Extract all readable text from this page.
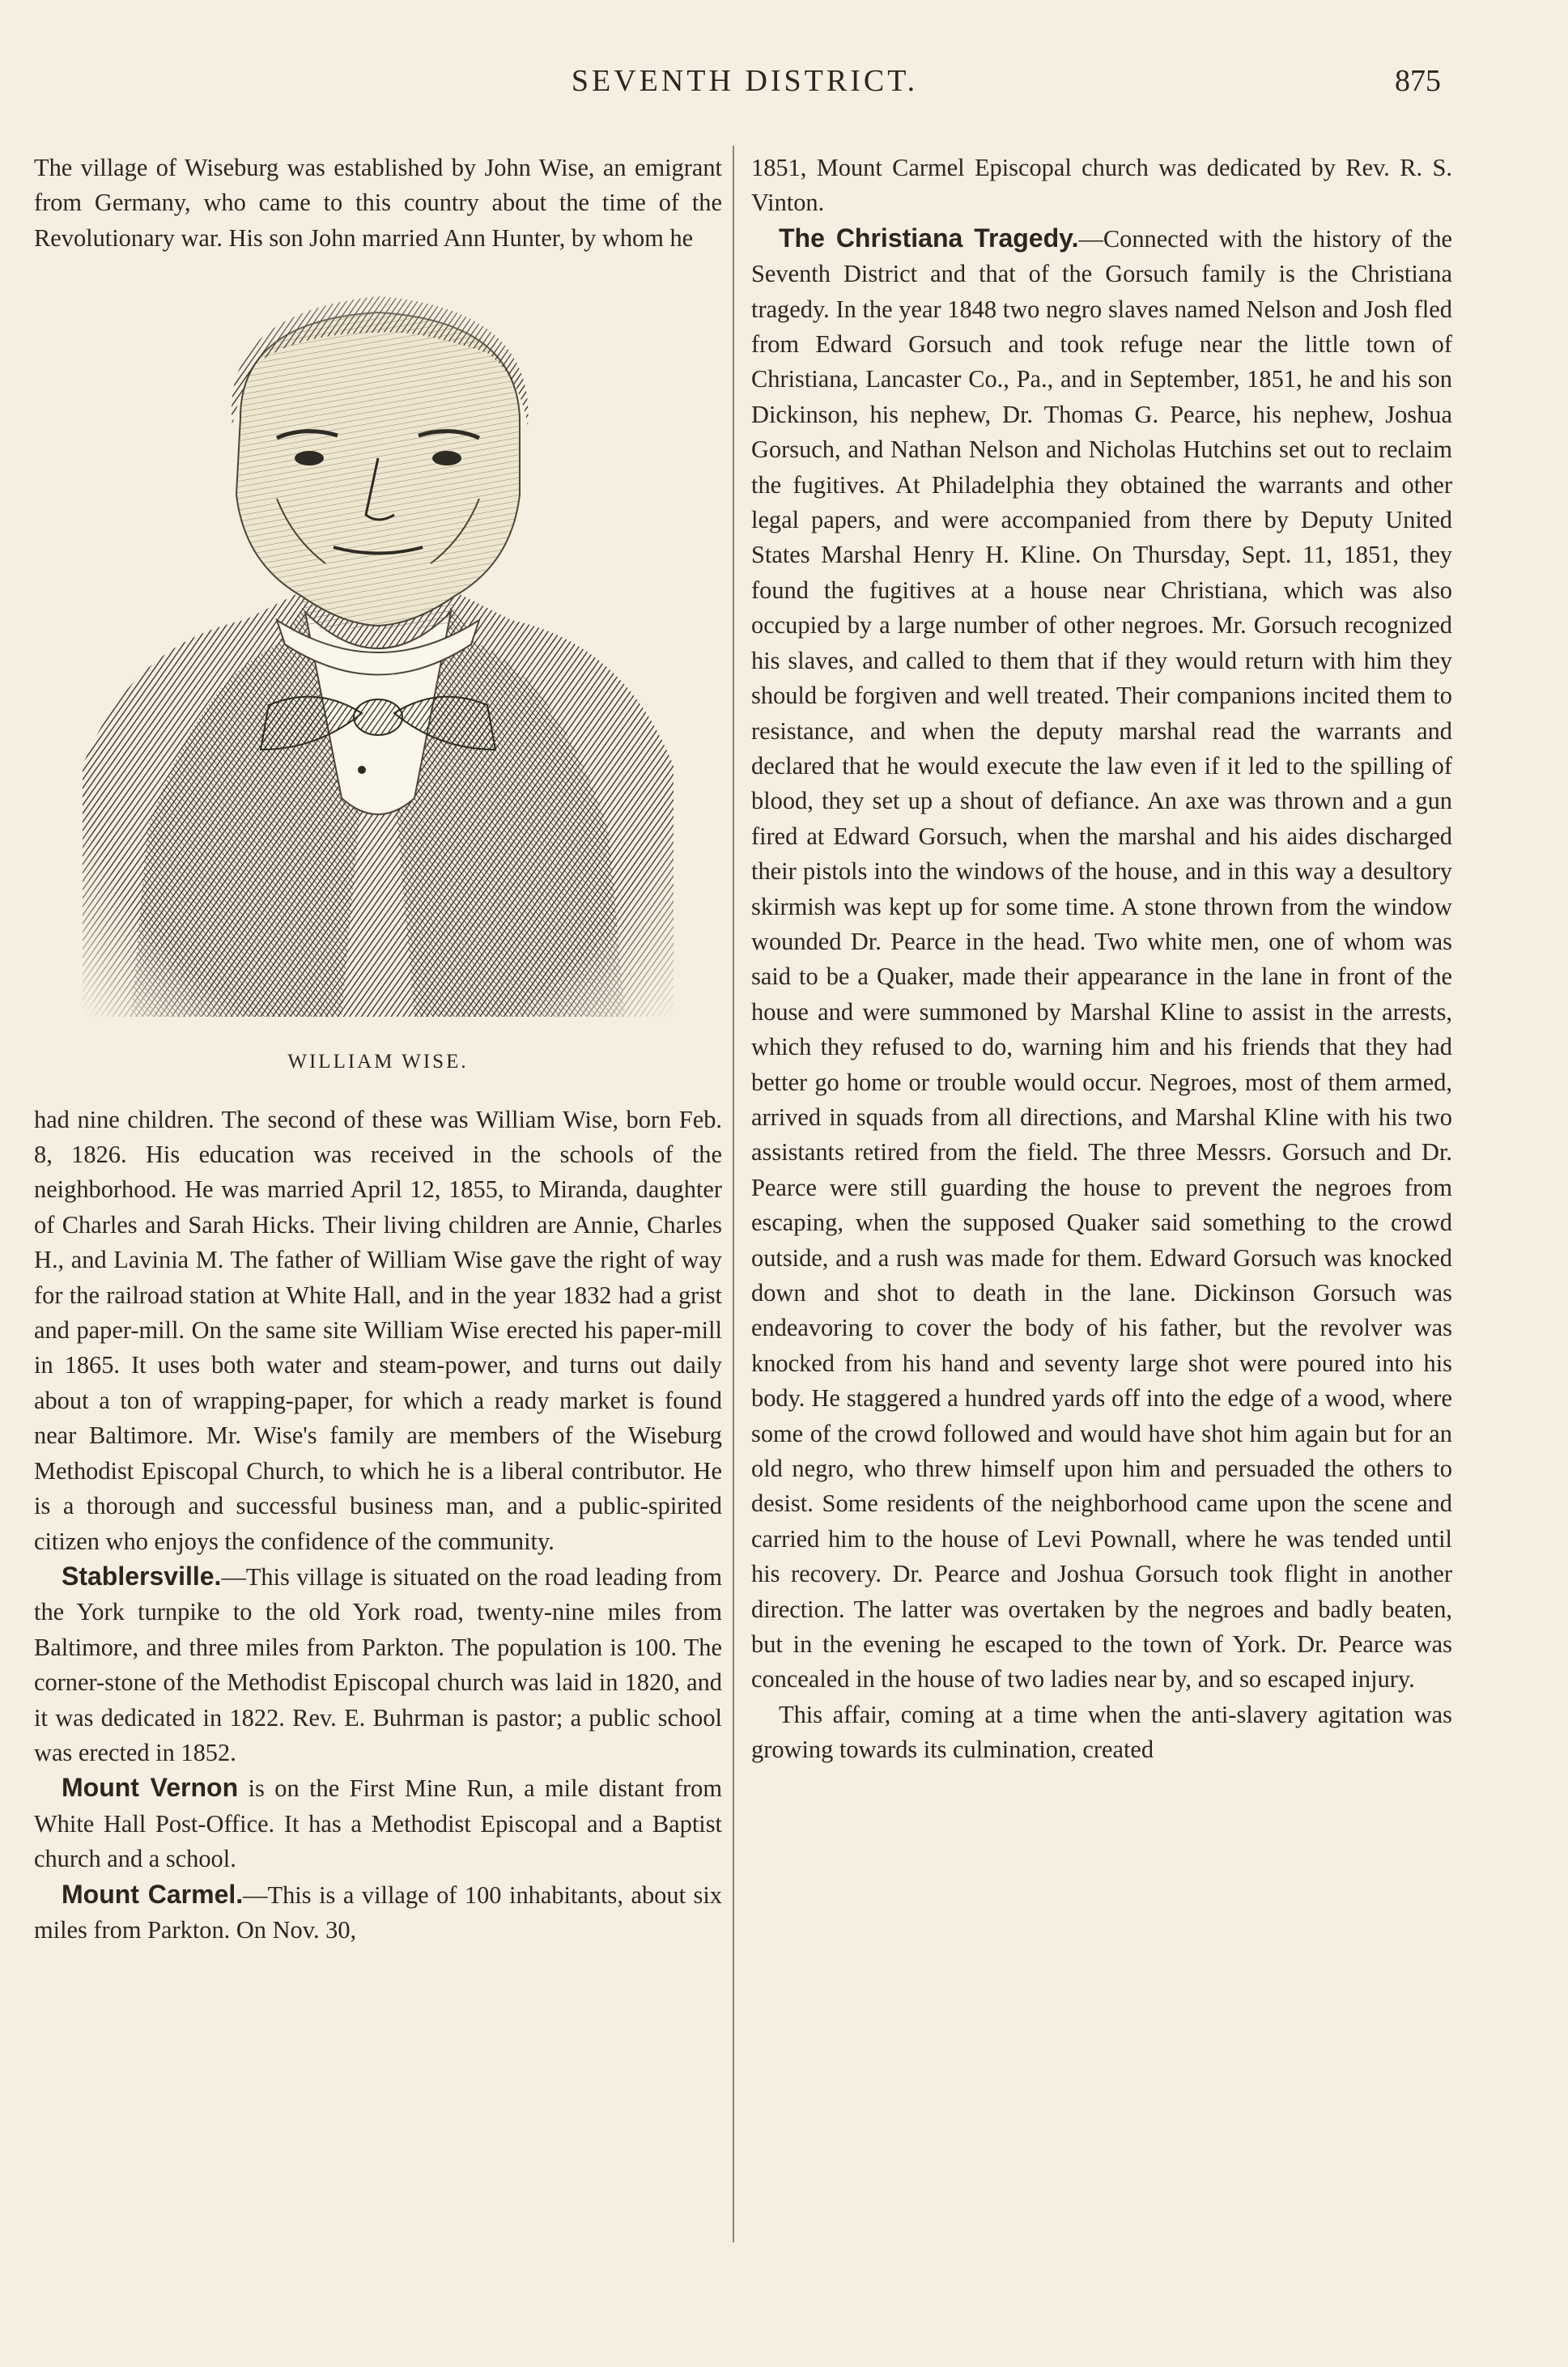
SEVENTH DISTRICT.	875

The village of Wiseburg was established by John Wise, an emigrant from Germany, who came to this country about the time of the Revolutionary war. His son John married Ann Hunter, by whom he

WILLIAM WISE.

had nine children. The second of these was William Wise, born Feb. 8, 1826. His education was received in the schools of the neighborhood. He was married April 12, 1855, to Miranda, daughter of Charles and Sarah Hicks. Their living children are Annie, Charles H., and Lavinia M. The father of William Wise gave the right of way for the railroad station at White Hall, and in the year 1832 had a grist and paper-mill. On the same site William Wise erected his paper-mill in 1865. It uses both water and steam-power, and turns out daily about a ton of wrapping-paper, for which a ready market is found near Baltimore. Mr. Wise's family are members of the Wiseburg Methodist Episcopal Church, to which he is a liberal contributor. He is a thorough and successful business man, and a public-spirited citizen who enjoys the confidence of the community.

Stablersville.—This village is situated on the road leading from the York turnpike to the old York road, twenty-nine miles from Baltimore, and three miles from Parkton. The population is 100. The corner-stone of the Methodist Episcopal church was laid in 1820, and it was dedicated in 1822. Rev. E. Buhrman is pastor; a public school was erected in 1852.

Mount Vernon is on the First Mine Run, a mile distant from White Hall Post-Office. It has a Methodist Episcopal and a Baptist church and a school.

Mount Carmel.—This is a village of 100 inhabitants, about six miles from Parkton. On Nov. 30,

1851, Mount Carmel Episcopal church was dedicated by Rev. R. S. Vinton.

The Christiana Tragedy.—Connected with the history of the Seventh District and that of the Gorsuch family is the Christiana tragedy. In the year 1848 two negro slaves named Nelson and Josh fled from Edward Gorsuch and took refuge near the little town of Christiana, Lancaster Co., Pa., and in September, 1851, he and his son Dickinson, his nephew, Dr. Thomas G. Pearce, his nephew, Joshua Gorsuch, and Nathan Nelson and Nicholas Hutchins set out to reclaim the fugitives. At Philadelphia they obtained the warrants and other legal papers, and were accompanied from there by Deputy United States Marshal Henry H. Kline. On Thursday, Sept. 11, 1851, they found the fugitives at a house near Christiana, which was also occupied by a large number of other negroes. Mr. Gorsuch recognized his slaves, and called to them that if they would return with him they should be forgiven and well treated. Their companions incited them to resistance, and when the deputy marshal read the warrants and declared that he would execute the law even if it led to the spilling of blood, they set up a shout of defiance. An axe was thrown and a gun fired at Edward Gorsuch, when the marshal and his aides discharged their pistols into the windows of the house, and in this way a desultory skirmish was kept up for some time. A stone thrown from the window wounded Dr. Pearce in the head. Two white men, one of whom was said to be a Quaker, made their appearance in the lane in front of the house and were summoned by Marshal Kline to assist in the arrests, which they refused to do, warning him and his friends that they had better go home or trouble would occur. Negroes, most of them armed, arrived in squads from all directions, and Marshal Kline with his two assistants retired from the field. The three Messrs. Gorsuch and Dr. Pearce were still guarding the house to prevent the negroes from escaping, when the supposed Quaker said something to the crowd outside, and a rush was made for them. Edward Gorsuch was knocked down and shot to death in the lane. Dickinson Gorsuch was endeavoring to cover the body of his father, but the revolver was knocked from his hand and seventy large shot were poured into his body. He staggered a hundred yards off into the edge of a wood, where some of the crowd followed and would have shot him again but for an old negro, who threw himself upon him and persuaded the others to desist. Some residents of the neighborhood came upon the scene and carried him to the house of Levi Pownall, where he was tended until his recovery. Dr. Pearce and Joshua Gorsuch took flight in another direction. The latter was overtaken by the negroes and badly beaten, but in the evening he escaped to the town of York. Dr. Pearce was concealed in the house of two ladies near by, and so escaped injury.

This affair, coming at a time when the anti-slavery agitation was growing towards its culmination, created
